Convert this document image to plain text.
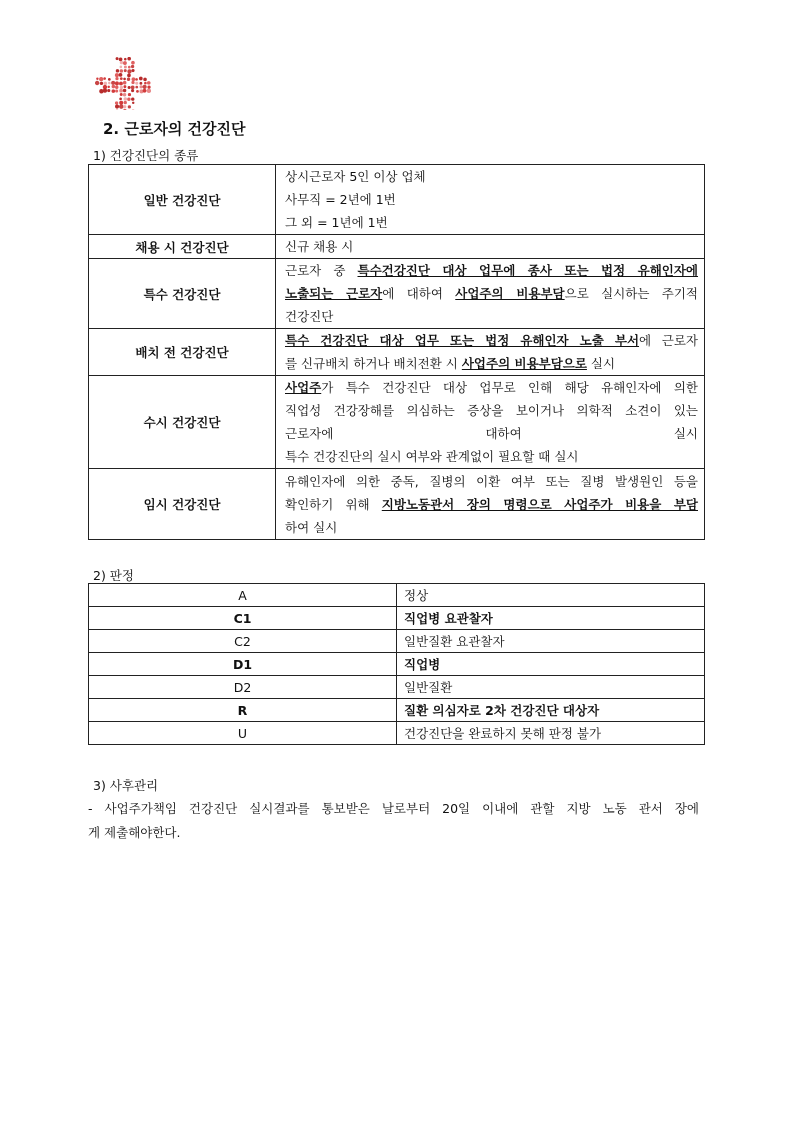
2. 근로자의 건강진단
1) 건강진단의 종류
일반 건강진단	상시근로자 5인 이상 업체
사무직 = 2년에 1번
그 외 = 1년에 1번

채용 시 건강진단	신규 채용 시

특수 건강진단	근로자 중 특수건강진단 대상 업무에 종사 또는 법정 유해인자에
노출되는 근로자에 대하여 사업주의 비용부담으로 실시하는 주기적
건강진단

배치 전 건강진단	특수 건강진단 대상 업무 또는 법정 유해인자 노출 부서에 근로자
를 신규배치 하거나 배치전환 시 사업주의 비용부담으로 실시

수시 건강진단	사업주가 특수 건강진단 대상 업무로 인해 해당 유해인자에 의한
직업성 건강장해를 의심하는 증상을 보이거나 의학적 소견이 있는
근로자에 대하여 실시
특수 건강진단의 실시 여부와 관계없이 필요할 때 실시

임시 건강진단	유해인자에 의한 중독, 질병의 이환 여부 또는 질병 발생원인 등을
확인하기 위해 지방노동관서 장의 명령으로 사업주가 비용을 부담
하여 실시
2) 판정
A	정상
C1	직업병 요관찰자
C2	일반질환 요관찰자
D1	직업병
D2	일반질환
R	질환 의심자로 2차 건강진단 대상자
U	건강진단을 완료하지 못해 판정 불가
3) 사후관리
- 사업주가책임 건강진단 실시결과를 통보받은 날로부터 20일 이내에 관할 지방 노동 관서 장에
게 제출해야한다.
